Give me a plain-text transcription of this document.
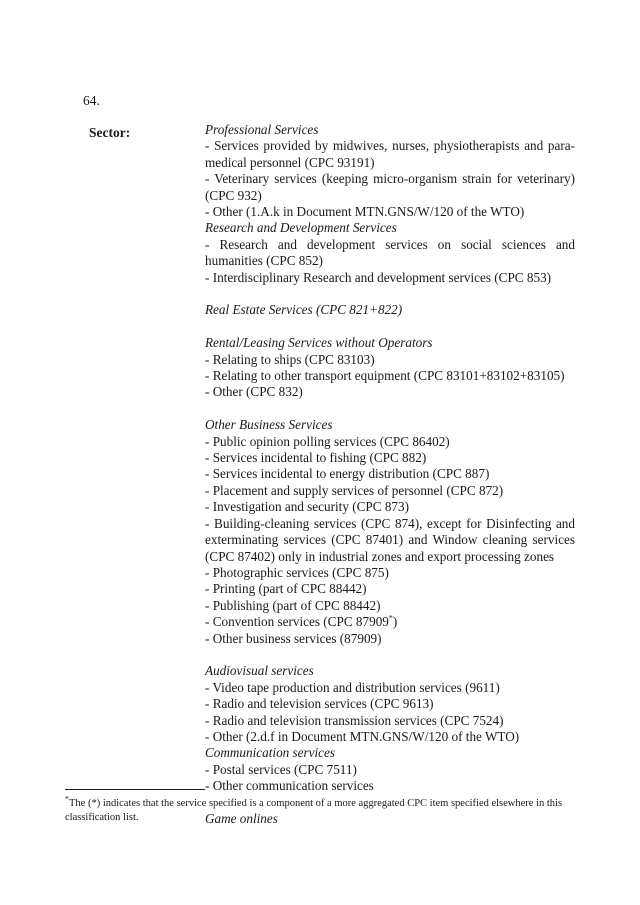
64.
Sector:	Professional Services

- Services provided by midwives, nurses, physiotherapists and para-medical personnel (CPC 93191)

- Veterinary services (keeping micro-organism strain for veterinary) (CPC 932)

- Other (1.A.k in Document MTN.GNS/W/120 of the WTO)

Research and Development Services

- Research and development services on social sciences and humanities (CPC 852)

- Interdisciplinary Research and development services (CPC 853)

Real Estate Services (CPC 821+822)

Rental/Leasing Services without Operators

- Relating to ships (CPC 83103)

- Relating to other transport equipment (CPC 83101+83102+83105)

- Other (CPC 832)

Other Business Services

- Public opinion polling services (CPC 86402)

- Services incidental to fishing (CPC 882)

- Services incidental to energy distribution (CPC 887)

- Placement and supply services of personnel (CPC 872)

- Investigation and security (CPC 873)

- Building-cleaning services (CPC 874), except for Disinfecting and exterminating services (CPC 87401) and Window cleaning services (CPC 87402) only in industrial zones and export processing zones

- Photographic services (CPC 875)

- Printing (part of CPC 88442)

- Publishing (part of CPC 88442)

- Convention services (CPC 87909*)

- Other business services (87909)

Audiovisual services

- Video tape production and distribution services (9611)

- Radio and television services (CPC 9613)

- Radio and television transmission services (CPC 7524)

- Other (2.d.f in Document MTN.GNS/W/120 of the WTO)

Communication services

- Postal services (CPC 7511)

- Other communication services

Game onlines

*The (*) indicates that the service specified is a component of a more aggregated CPC item specified elsewhere in this classification list.
